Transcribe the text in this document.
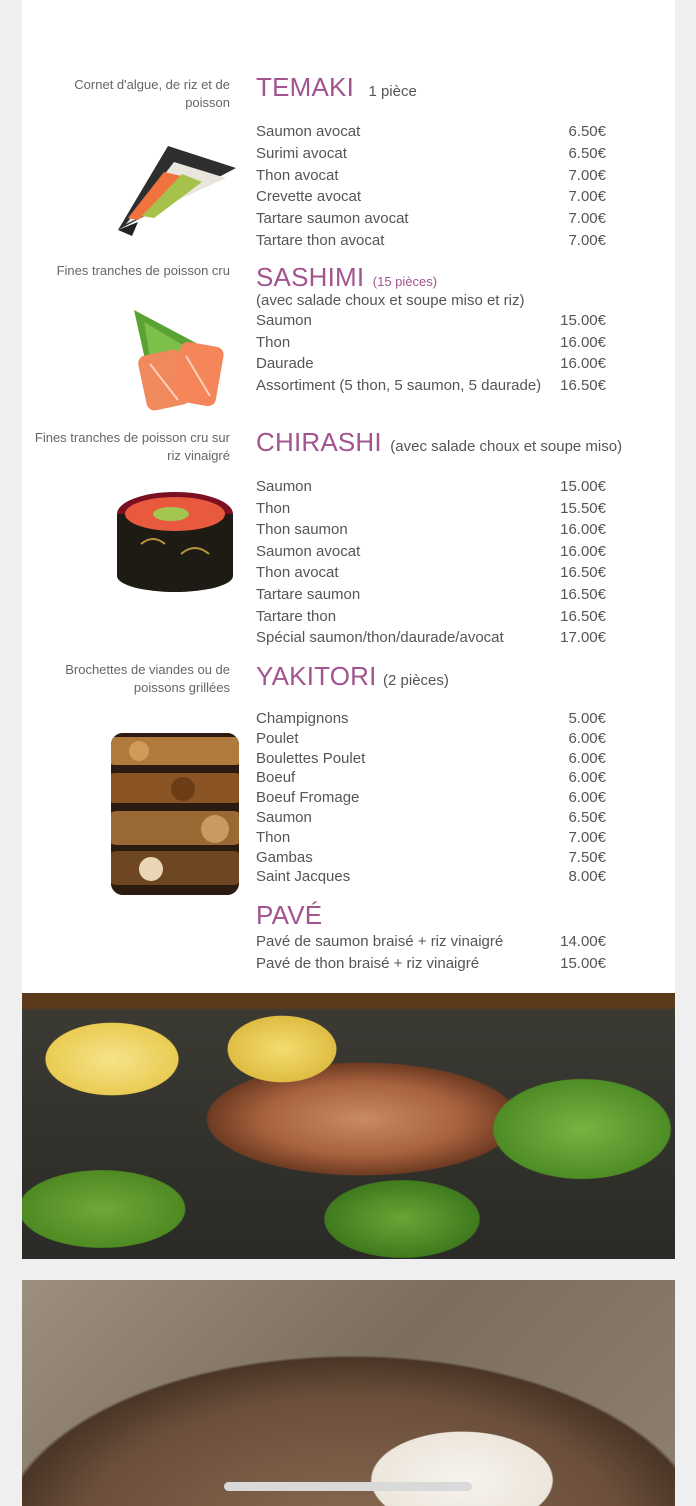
Cornet d'algue, de riz et de poisson TEMAKI 1 pièce
Saumon avocat	6.50€
Surimi avocat	6.50€
Thon avocat	7.00€
Crevette avocat	7.00€
Tartare saumon avocat	7.00€
Tartare thon avocat	7.00€
Fines tranches de poisson cru SASHIMI (15 pièces)
(avec salade choux et soupe miso et riz)
Saumon	15.00€
Thon	16.00€
Daurade	16.00€
Assortiment (5 thon, 5 saumon, 5 daurade) 16.50€
Fines tranches de poisson cru sur riz vinaigré CHIRASHI (avec salade choux et soupe miso)
Saumon	15.00€
Thon	15.50€
Thon saumon	16.00€
Saumon avocat	16.00€
Thon avocat	16.50€
Tartare saumon	16.50€
Tartare thon	16.50€
Spécial saumon/thon/daurade/avocat	17.00€
Brochettes de viandes ou de poissons grillées YAKITORI (2 pièces)
Champignons	5.00€
Poulet	6.00€
Boulettes Poulet	6.00€
Boeuf	6.00€
Boeuf Fromage	6.00€
Saumon	6.50€
Thon	7.00€
Gambas	7.50€
Saint Jacques	8.00€
PAVÉ
Pavé de saumon braisé + riz vinaigré	14.00€
Pavé de thon braisé + riz vinaigré	15.00€
